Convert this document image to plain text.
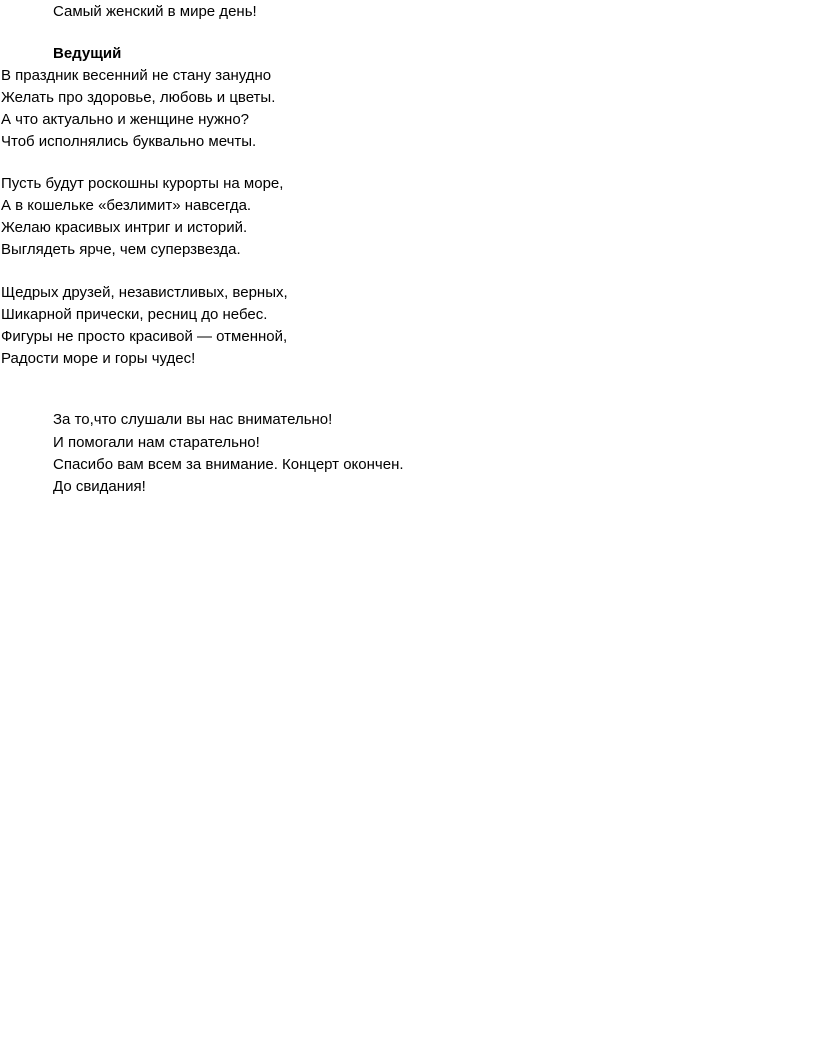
Самый женский в мире день!
Ведущий
В праздник весенний не стану занудно
Желать про здоровье, любовь и цветы.
А что актуально и женщине нужно?
Чтоб исполнялись буквально мечты.
Пусть будут роскошны курорты на море,
А в кошельке «безлимит» навсегда.
Желаю красивых интриг и историй.
Выглядеть ярче, чем суперзвезда.
Щедрых друзей, независтливых, верных,
Шикарной прически, ресниц до небес.
Фигуры не просто красивой — отменной,
Радости море и горы чудес!
За то,что слушали вы нас внимательно!
И помогали нам старательно!
Спасибо вам всем за внимание. Концерт окончен.
До свидания!
